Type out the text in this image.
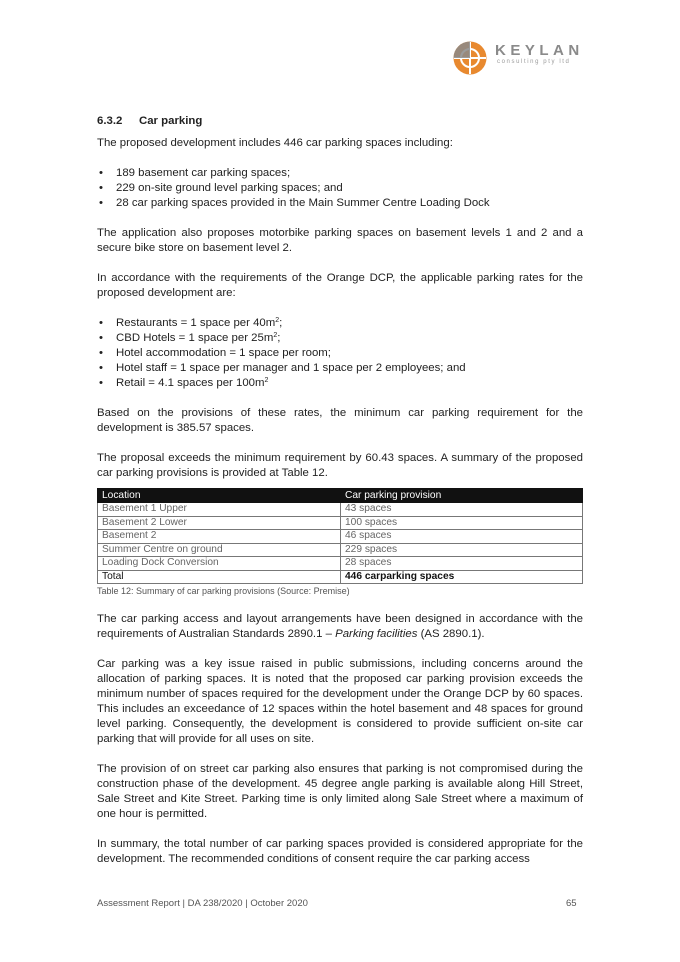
KEYLAN
consulting pty ltd
6.3.2 Car parking

The proposed development includes 446 car parking spaces including:

• 189 basement car parking spaces;
• 229 on-site ground level parking spaces; and
• 28 car parking spaces provided in the Main Summer Centre Loading Dock

The application also proposes motorbike parking spaces on basement levels 1 and 2 and a secure bike store on basement level 2.

In accordance with the requirements of the Orange DCP, the applicable parking rates for the proposed development are:

• Restaurants = 1 space per $40m^2$;
• CBD Hotels = 1 space per $25m^2$;
• Hotel accommodation = 1 space per room;
• Hotel staff = 1 space per manager and 1 space per 2 employees; and
• Retail = 4.1 spaces per $100m^2$

Based on the provisions of these rates, the minimum car parking requirement for the development is 385.57 spaces.

The proposal exceeds the minimum requirement by 60.43 spaces. A summary of the proposed car parking provisions is provided at Table 12.

Location	Car parking provision
Basement 1 Upper	43 spaces
Basement 2 Lower	100 spaces
Basement 2	46 spaces
Summer Centre on ground	229 spaces
Loading Dock Conversion	28 spaces
Total	446 carparking spaces
Table 12: Summary of car parking provisions (Source: Premise)

The car parking access and layout arrangements have been designed in accordance with the requirements of Australian Standards 2890.1 – Parking facilities (AS 2890.1).

Car parking was a key issue raised in public submissions, including concerns around the allocation of parking spaces. It is noted that the proposed car parking provision exceeds the minimum number of spaces required for the development under the Orange DCP by 60 spaces. This includes an exceedance of 12 spaces within the hotel basement and 48 spaces for ground level parking. Consequently, the development is considered to provide sufficient on-site car parking that will provide for all uses on site.

The provision of on street car parking also ensures that parking is not compromised during the construction phase of the development. 45 degree angle parking is available along Hill Street, Sale Street and Kite Street. Parking time is only limited along Sale Street where a maximum of one hour is permitted.

In summary, the total number of car parking spaces provided is considered appropriate for the development. The recommended conditions of consent require the car parking access

Assessment Report | DA 238/2020 | October 2020	65
